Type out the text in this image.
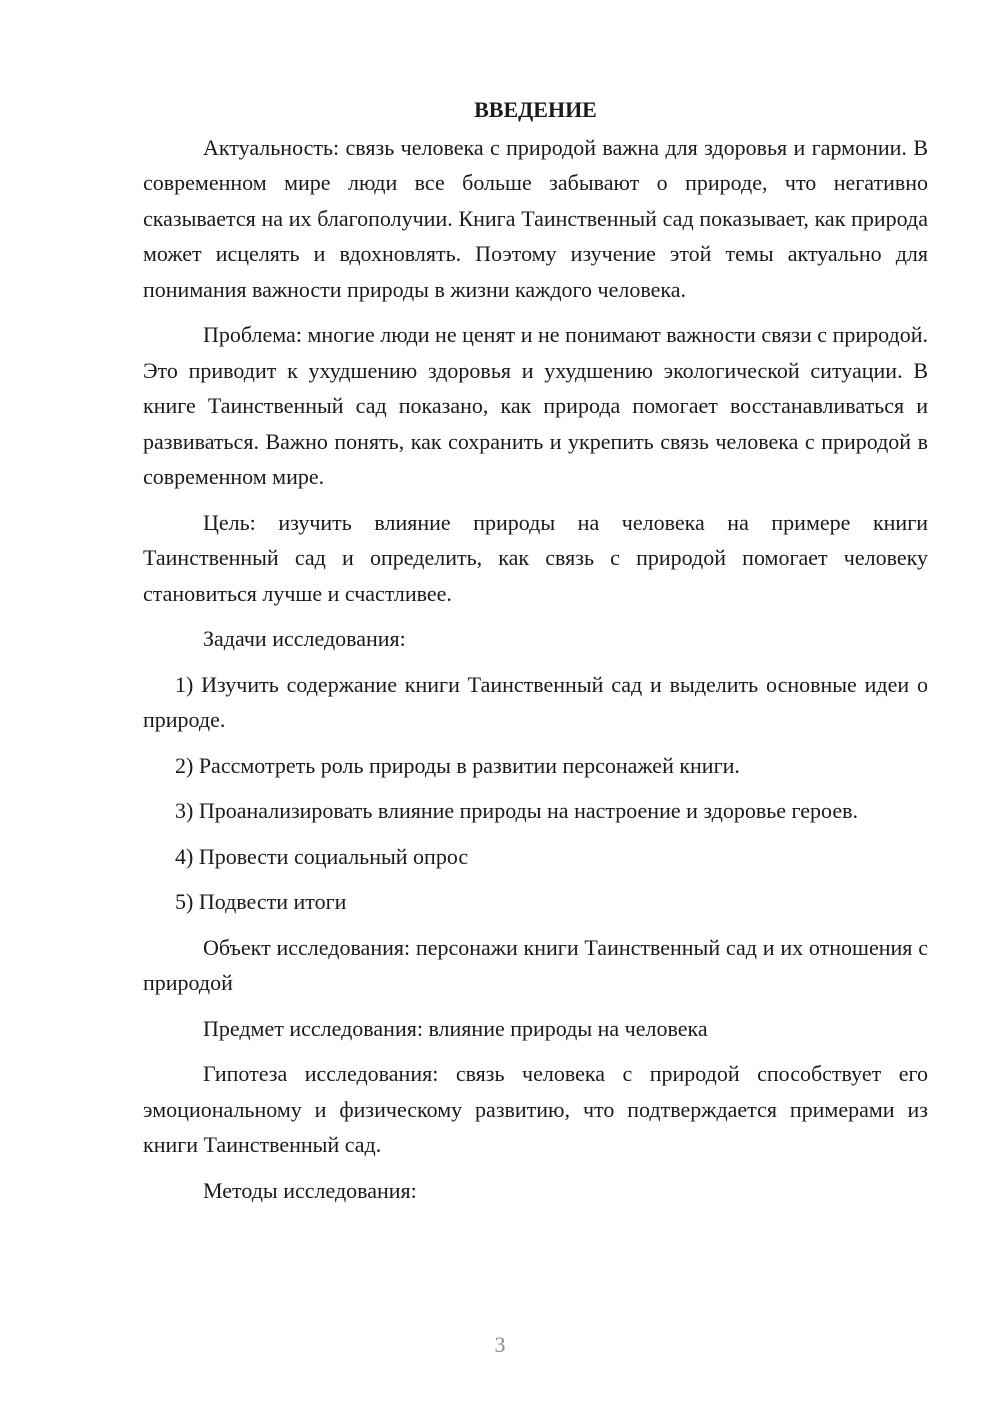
ВВЕДЕНИЕ

Актуальность: связь человека с природой важна для здоровья и гармонии. В современном мире люди все больше забывают о природе, что негативно сказывается на их благополучии. Книга Таинственный сад показывает, как природа может исцелять и вдохновлять. Поэтому изучение этой темы актуально для понимания важности природы в жизни каждого человека.

Проблема: многие люди не ценят и не понимают важности связи с природой. Это приводит к ухудшению здоровья и ухудшению экологической ситуации. В книге Таинственный сад показано, как природа помогает восстанавливаться и развиваться. Важно понять, как сохранить и укрепить связь человека с природой в современном мире.

Цель: изучить влияние природы на человека на примере книги Таинственный сад и определить, как связь с природой помогает человеку становиться лучше и счастливее.

Задачи исследования:

1) Изучить содержание книги Таинственный сад и выделить основные идеи о природе.

2) Рассмотреть роль природы в развитии персонажей книги.

3) Проанализировать влияние природы на настроение и здоровье героев.

4) Провести социальный опрос

5) Подвести итоги

Объект исследования: персонажи книги Таинственный сад и их отношения с природой

Предмет исследования: влияние природы на человека

Гипотеза исследования: связь человека с природой способствует его эмоциональному и физическому развитию, что подтверждается примерами из книги Таинственный сад.

Методы исследования:

3
